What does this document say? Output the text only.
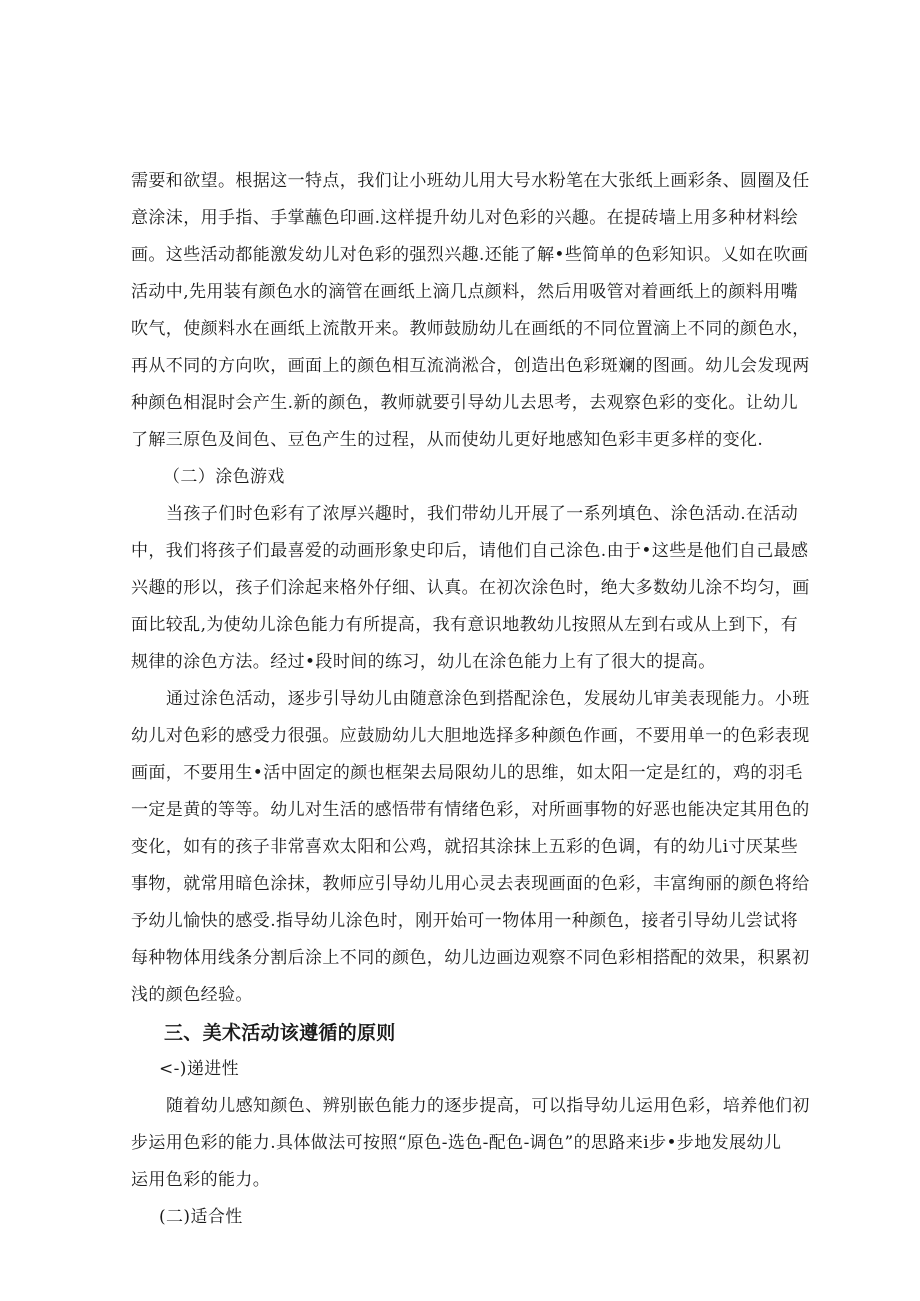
需要和欲望。根据这一特点，我们让小班幼儿用大号水粉笔在大张纸上画彩条、圆圈及任
意涂沫，用手指、手掌蘸色印画.这样提升幼儿对色彩的兴趣。在提砖墙上用多种材料绘
画。这些活动都能激发幼儿对色彩的强烈兴趣.还能了解•些简单的色彩知识。乂如在吹画
活动中,先用装有颜色水的滴管在画纸上滴几点颜料，然后用吸管对着画纸上的颜料用嘴
吹气，使颜料水在画纸上流散开来。教师鼓励幼儿在画纸的不同位置滴上不同的颜色水，
再从不同的方向吹，画面上的颜色相互流淌淞合，创造出色彩斑斓的图画。幼儿会发现两
种颜色相混时会产生.新的颜色，教师就要引导幼儿去思考，去观察色彩的变化。让幼儿
了解三原色及间色、豆色产生的过程，从而使幼儿更好地感知色彩丰更多样的变化.
（二）涂色游戏
当孩子们时色彩有了浓厚兴趣时，我们带幼儿开展了一系列填色、涂色活动.在活动
中，我们将孩子们最喜爱的动画形象史印后，请他们自己涂色.由于•这些是他们自己最感
兴趣的形以，孩子们涂起来格外仔细、认真。在初次涂色时，绝大多数幼儿涂不均匀，画
面比较乱,为使幼儿涂色能力有所提高，我有意识地教幼儿按照从左到右或从上到下，有
规律的涂色方法。经过•段时间的练习，幼儿在涂色能力上有了很大的提高。
通过涂色活动，逐步引导幼儿由随意涂色到搭配涂色，发展幼儿审美表现能力。小班
幼儿对色彩的感受力很强。应鼓励幼儿大胆地选择多种颜色作画，不要用单一的色彩表现
画面，不要用生•活中固定的颜也框架去局限幼儿的思维，如太阳一定是红的，鸡的羽毛
一定是黄的等等。幼儿对生活的感悟带有情绪色彩，对所画事物的好恶也能决定其用色的
变化，如有的孩子非常喜欢太阳和公鸡，就招其涂抹上五彩的色调，有的幼儿i寸厌某些
事物，就常用暗色涂抹，教师应引导幼儿用心灵去表现画面的色彩，丰富绚丽的颜色将给
予幼儿愉快的感受.指导幼儿涂色时，刚开始可一物体用一种颜色，接者引导幼儿尝试将
每种物体用线条分割后涂上不同的颜色，幼儿边画边观察不同色彩相搭配的效果，积累初
浅的颜色经验。
三、美术活动该遵循的原则
<-)递进性
随着幼儿感知颜色、辨别嵌色能力的逐步提高，可以指导幼儿运用色彩，培养他们初
步运用色彩的能力.具体做法可按照“原色-选色-配色-调色”的思路来i步•步地发展幼儿
运用色彩的能力。
(二)适合性
